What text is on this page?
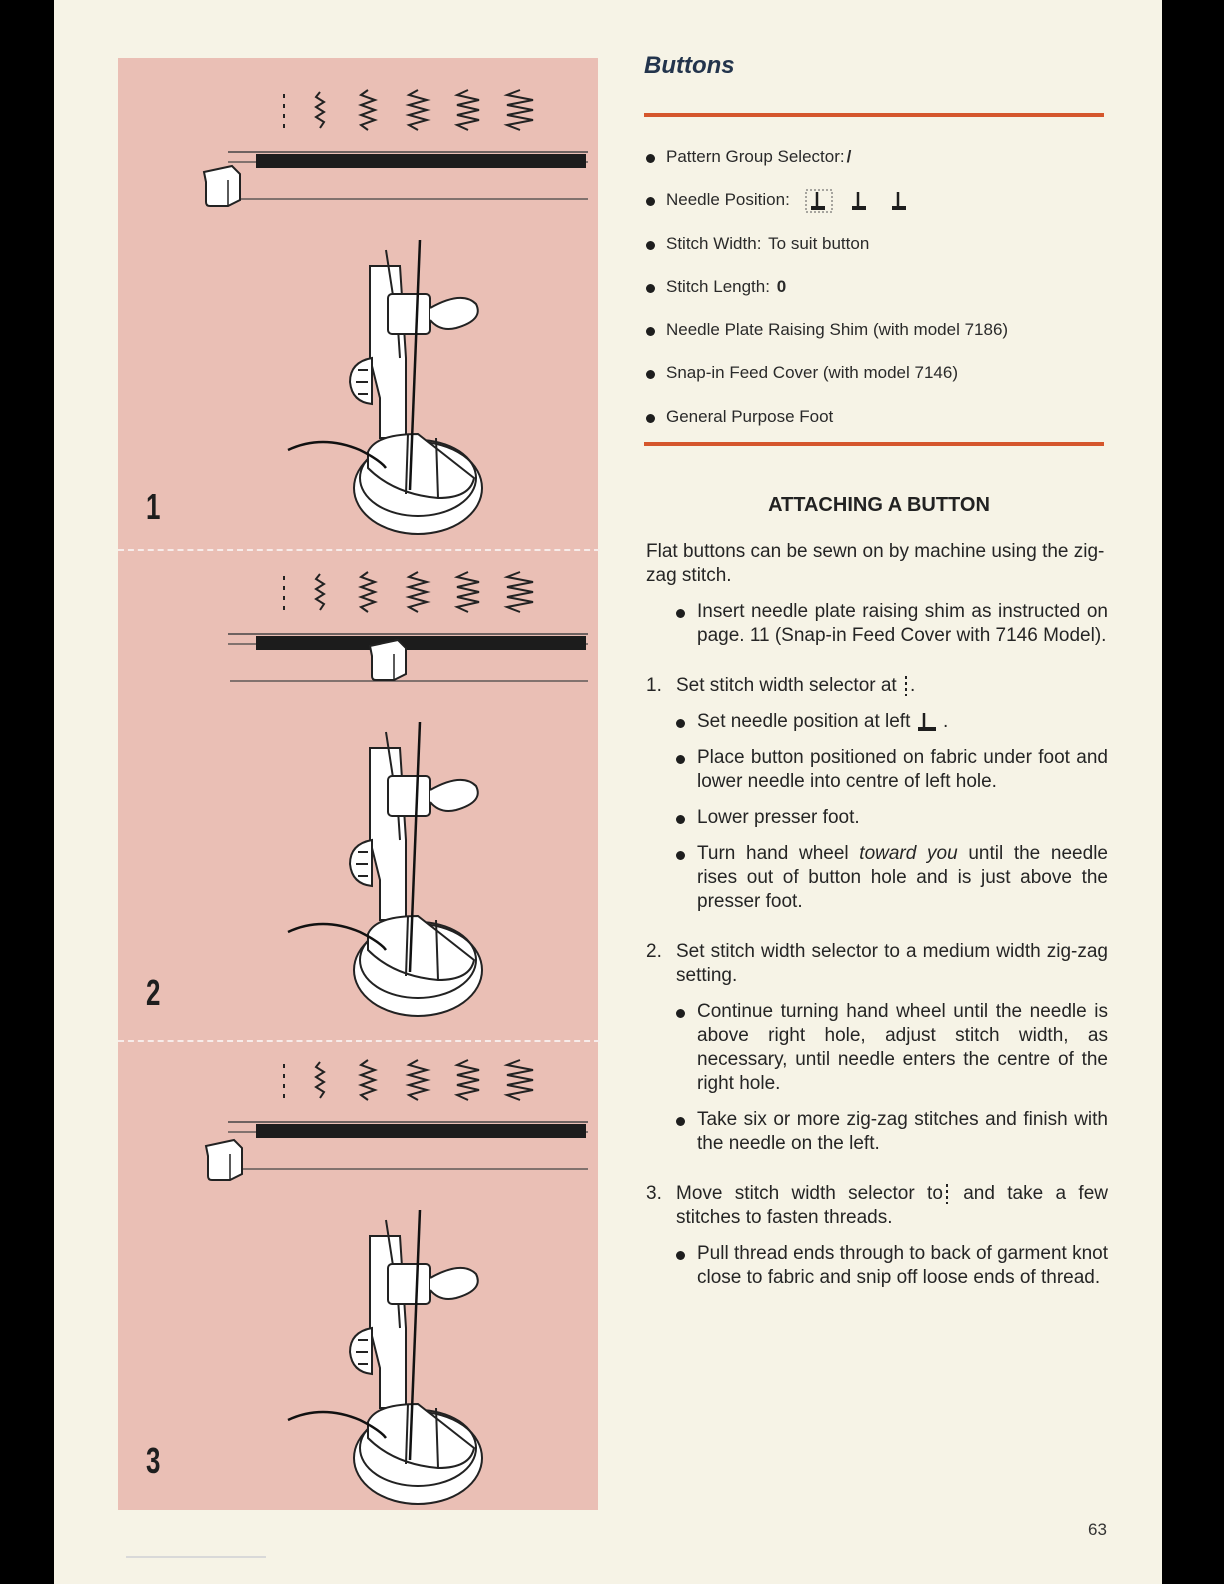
1
2
3
Buttons
Pattern Group Selector: /
Needle Position:
Stitch Width: To suit button
Stitch Length: 0
Needle Plate Raising Shim (with model 7186)
Snap-in Feed Cover (with model 7146)
General Purpose Foot
ATTACHING A BUTTON

Flat buttons can be sewn on by machine using the zig-zag stitch.

Insert needle plate raising shim as instructed on page. 11 (Snap-in Feed Cover with 7146 Model).

1. Set stitch width selector at .

Set needle position at left .

Place button positioned on fabric under foot and lower needle into centre of left hole.

Lower presser foot.

Turn hand wheel toward you until the needle rises out of button hole and is just above the presser foot.

2. Set stitch width selector to a medium width zig-zag setting.

Continue turning hand wheel until the needle is above right hole, adjust stitch width, as necessary, until needle enters the centre of the right hole.

Take six or more zig-zag stitches and finish with the needle on the left.

3. Move stitch width selector to and take a few stitches to fasten threads.

Pull thread ends through to back of garment knot close to fabric and snip off loose ends of thread.

63
